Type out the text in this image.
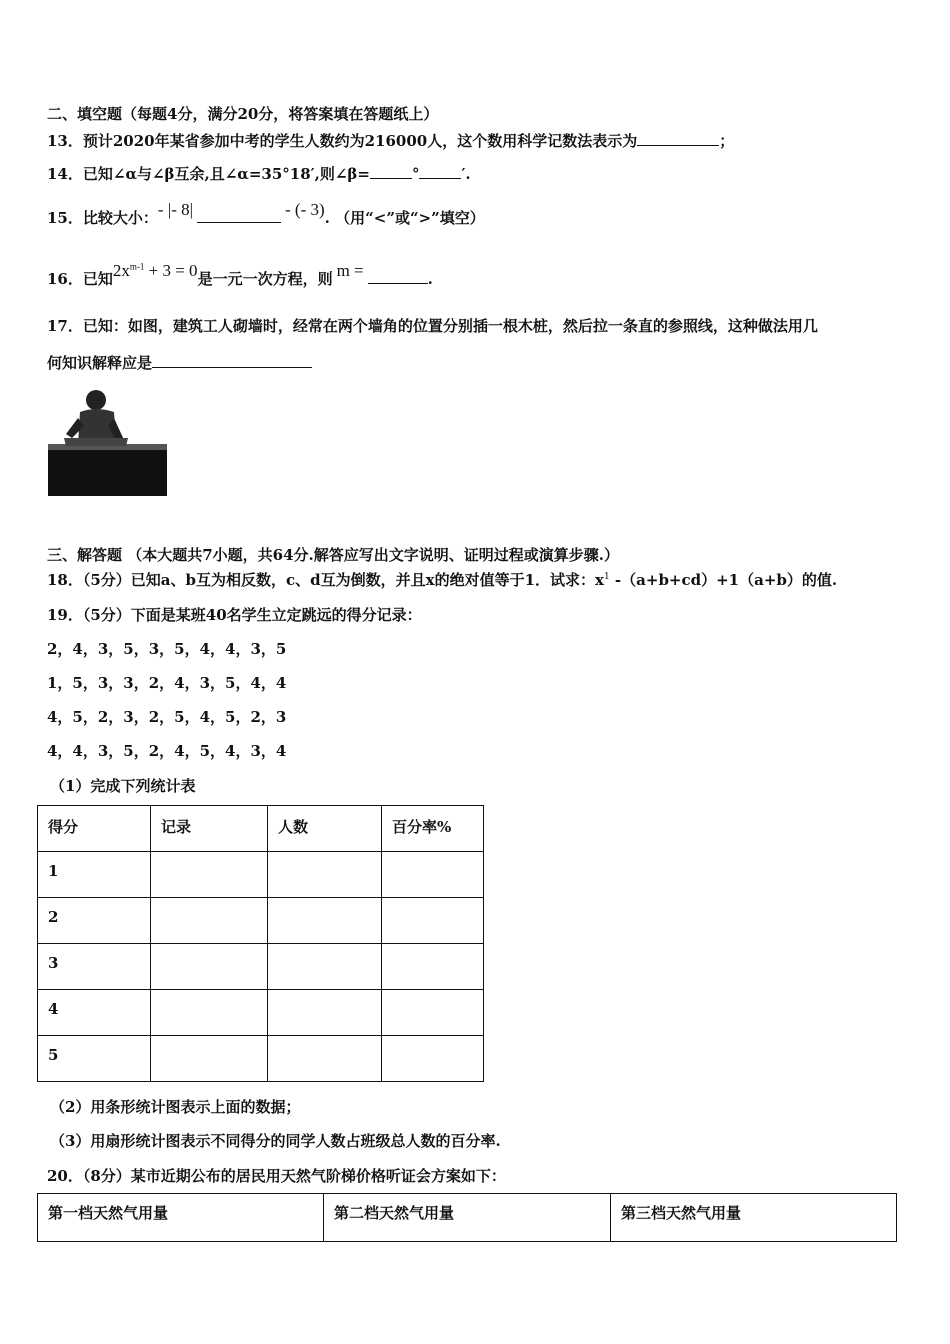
二、填空题（每题4分，满分20分，将答案填在答题纸上）
13．预计2020年某省参加中考的学生人数约为216000人，这个数用科学记数法表示为	；
14．已知∠α与∠β互余,且∠α=35°18′,则∠β=	°	′.
15．比较大小：- |- 8|	- (- 3). （用“<”或“>”填空）
16．已知$2x^{m-1} + 3 = 0$是一元一次方程，则 m =	.
17．已知：如图，建筑工人砌墙时，经常在两个墙角的位置分别插一根木桩，然后拉一条直的参照线，这种做法用几
何知识解释应是
三、解答题 （本大题共7小题，共64分.解答应写出文字说明、证明过程或演算步骤.）
18．（5分）已知a、b互为相反数，c、d互为倒数，并且x的绝对值等于1．试求：$x^1$ -（a+b+cd）+1（a+b）的值.
19．（5分）下面是某班40名学生立定跳远的得分记录：
2，4，3，5，3，5，4，4，3，5
1，5，3，3，2，4，3，5，4，4
4，5，2，3，2，5，4，5，2，3
4，4，3，5，2，4，5，4，3，4
（1）完成下列统计表
得分	记录	人数	百分率%
1			
2			
3			
4			
5			
（2）用条形统计图表示上面的数据；
（3）用扇形统计图表示不同得分的同学人数占班级总人数的百分率.
20．（8分）某市近期公布的居民用天然气阶梯价格听证会方案如下：
第一档天然气用量	第二档天然气用量	第三档天然气用量
